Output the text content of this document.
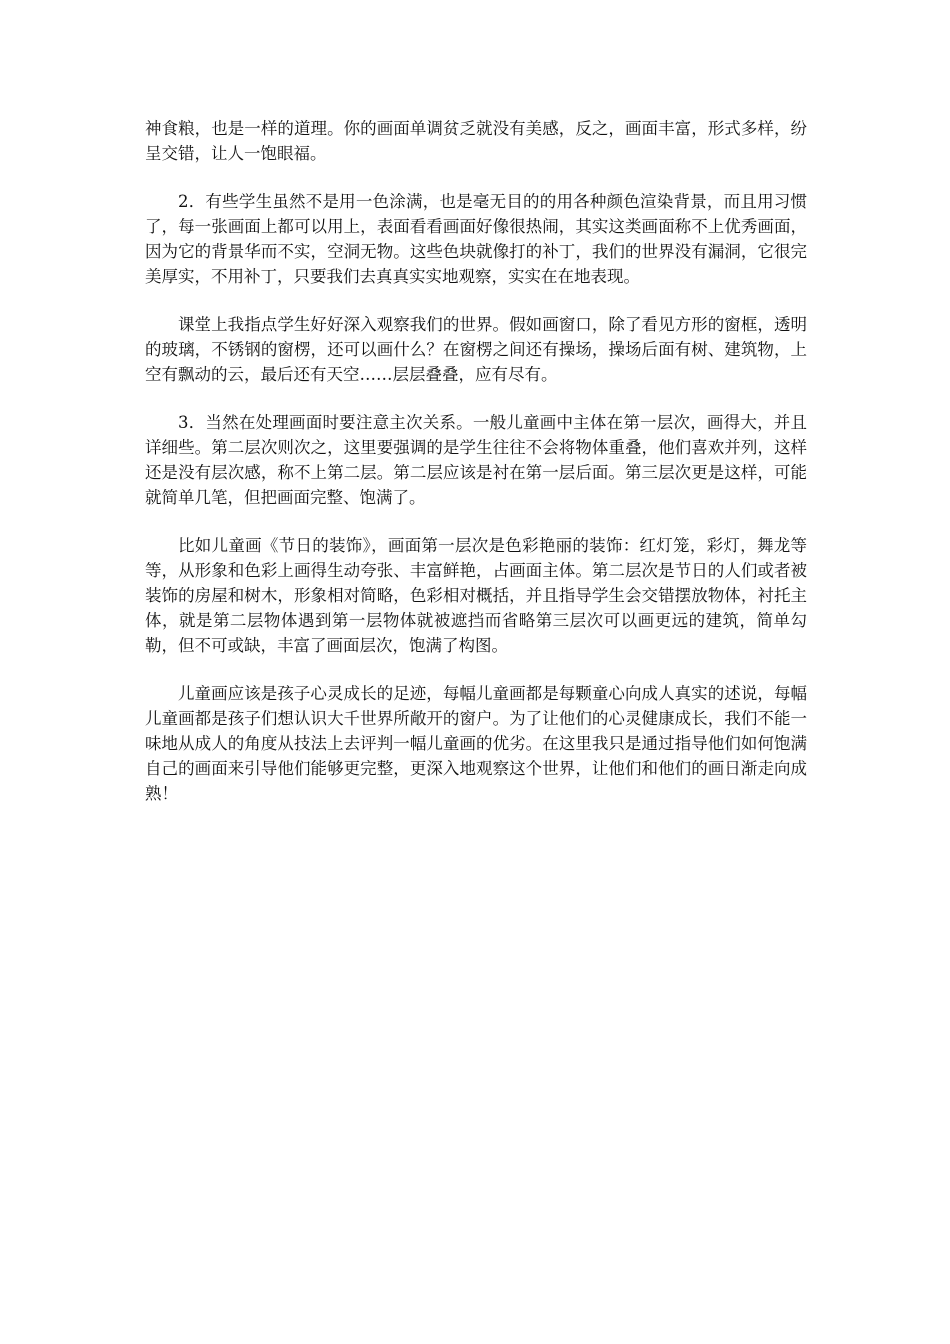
神食粮，也是一样的道理。你的画面单调贫乏就没有美感，反之，画面丰富，形式多样，纷呈交错，让人一饱眼福。

2．有些学生虽然不是用一色涂满，也是毫无目的的用各种颜色渲染背景，而且用习惯了，每一张画面上都可以用上，表面看看画面好像很热闹，其实这类画面称不上优秀画面，因为它的背景华而不实，空洞无物。这些色块就像打的补丁，我们的世界没有漏洞，它很完美厚实，不用补丁，只要我们去真真实实地观察，实实在在地表现。

课堂上我指点学生好好深入观察我们的世界。假如画窗口，除了看见方形的窗框，透明的玻璃，不锈钢的窗楞，还可以画什么？在窗楞之间还有操场，操场后面有树、建筑物，上空有飘动的云，最后还有天空……层层叠叠，应有尽有。

3．当然在处理画面时要注意主次关系。一般儿童画中主体在第一层次，画得大，并且详细些。第二层次则次之，这里要强调的是学生往往不会将物体重叠，他们喜欢并列，这样还是没有层次感，称不上第二层。第二层应该是衬在第一层后面。第三层次更是这样，可能就简单几笔，但把画面完整、饱满了。

比如儿童画《节日的装饰》，画面第一层次是色彩艳丽的装饰：红灯笼，彩灯，舞龙等等，从形象和色彩上画得生动夸张、丰富鲜艳，占画面主体。第二层次是节日的人们或者被装饰的房屋和树木，形象相对简略，色彩相对概括，并且指导学生会交错摆放物体，衬托主体，就是第二层物体遇到第一层物体就被遮挡而省略第三层次可以画更远的建筑，简单勾勒，但不可或缺，丰富了画面层次，饱满了构图。

儿童画应该是孩子心灵成长的足迹，每幅儿童画都是每颗童心向成人真实的述说，每幅儿童画都是孩子们想认识大千世界所敞开的窗户。为了让他们的心灵健康成长，我们不能一味地从成人的角度从技法上去评判一幅儿童画的优劣。在这里我只是通过指导他们如何饱满自己的画面来引导他们能够更完整，更深入地观察这个世界，让他们和他们的画日渐走向成熟！
